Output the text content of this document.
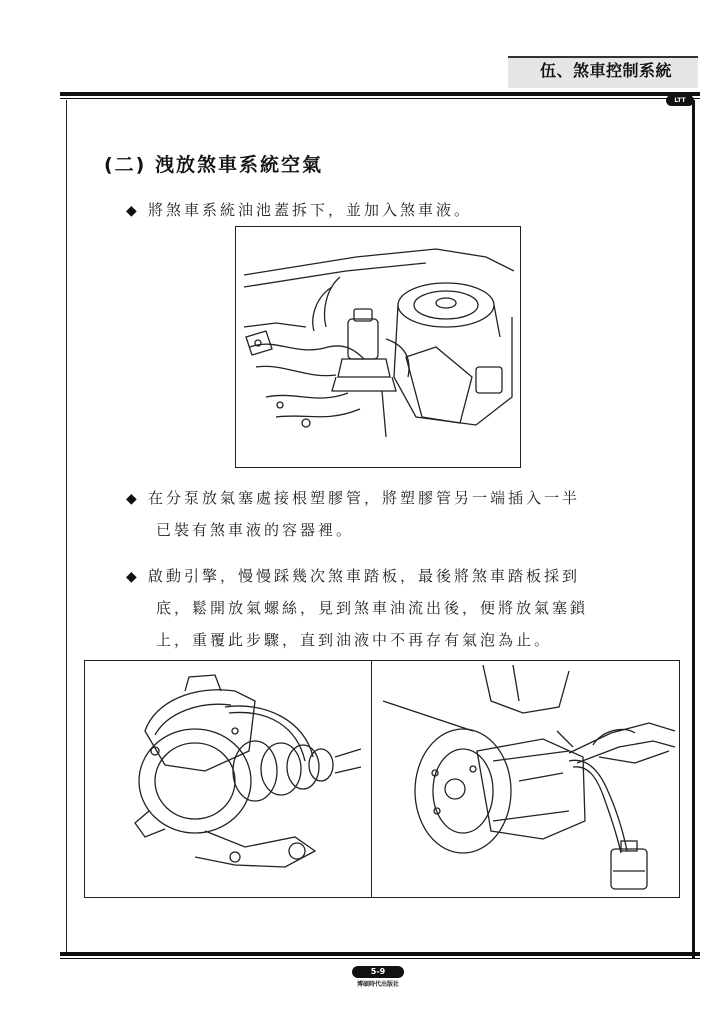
伍、煞車控制系統
LTT
(二) 洩放煞車系統空氣
◆ 將煞車系統油池蓋拆下，並加入煞車液。
◆ 在分泵放氣塞處接根塑膠管，將塑膠管另一端插入一半
已裝有煞車液的容器裡。
◆ 啟動引擎，慢慢踩幾次煞車踏板，最後將煞車踏板採到
底，鬆開放氣螺絲，見到煞車油流出後，便將放氣塞鎖
上，重覆此步驟，直到油液中不再存有氣泡為止。
5-9
博碩時代出版社
